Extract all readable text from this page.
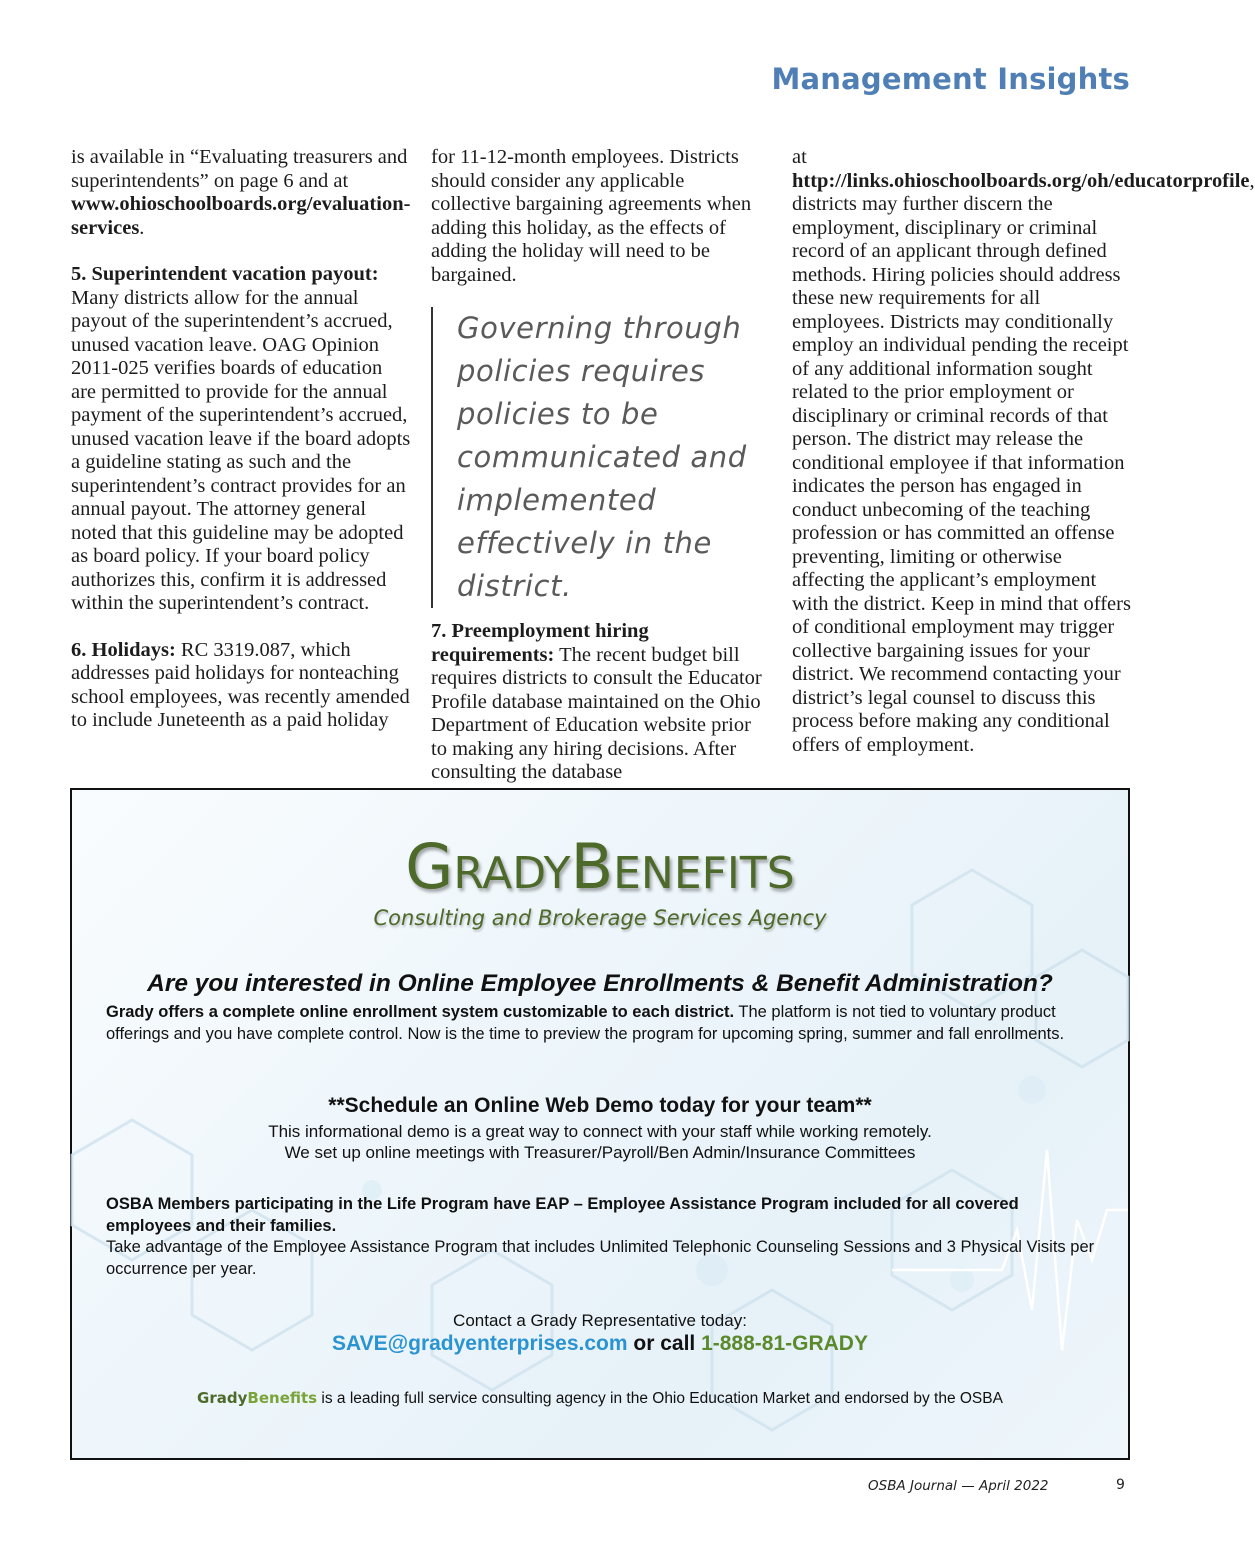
Management Insights

is available in “Evaluating treasurers and superintendents” on page 6 and at www.ohioschoolboards.org/evaluation-services.

5. Superintendent vacation payout:
Many districts allow for the annual payout of the superintendent’s accrued, unused vacation leave. OAG Opinion 2011-025 verifies boards of education are permitted to provide for the annual payment of the superintendent’s accrued, unused vacation leave if the board adopts a guideline stating as such and the superintendent’s contract provides for an annual payout. The attorney general noted that this guideline may be adopted as board policy. If your board policy authorizes this, confirm it is addressed within the superintendent’s contract.

6. Holidays: RC 3319.087, which addresses paid holidays for nonteaching school employees, was recently amended to include Juneteenth as a paid holiday

for 11-12-month employees. Districts should consider any applicable collective bargaining agreements when adding this holiday, as the effects of adding the holiday will need to be bargained.

Governing through policies requires policies to be communicated and implemented effectively in the district.

7. Preemployment hiring requirements: The recent budget bill requires districts to consult the Educator Profile database maintained on the Ohio Department of Education website prior to making any hiring decisions. After consulting the database

at http://links.ohioschoolboards.org/oh/educatorprofile, districts may further discern the employment, disciplinary or criminal record of an applicant through defined methods. Hiring policies should address these new requirements for all employees. Districts may conditionally employ an individual pending the receipt of any additional information sought related to the prior employment or disciplinary or criminal records of that person. The district may release the conditional employee if that information indicates the person has engaged in conduct unbecoming of the teaching profession or has committed an offense preventing, limiting or otherwise affecting the applicant’s employment with the district. Keep in mind that offers of conditional employment may trigger collective bargaining issues for your district. We recommend contacting your district’s legal counsel to discuss this process before making any conditional offers of employment.

GRADYBENEFITS
Consulting and Brokerage Services Agency
Are you interested in Online Employee Enrollments & Benefit Administration?
Grady offers a complete online enrollment system customizable to each district. The platform is not tied to voluntary product offerings and you have complete control. Now is the time to preview the program for upcoming spring, summer and fall enrollments.
**Schedule an Online Web Demo today for your team**
This informational demo is a great way to connect with your staff while working remotely.
We set up online meetings with Treasurer/Payroll/Ben Admin/Insurance Committees
OSBA Members participating in the Life Program have EAP – Employee Assistance Program included for all covered employees and their families.
Take advantage of the Employee Assistance Program that includes Unlimited Telephonic Counseling Sessions and 3 Physical Visits per occurrence per year.
Contact a Grady Representative today:
SAVE@gradyenterprises.com or call 1-888-81-GRADY
GradyBenefits is a leading full service consulting agency in the Ohio Education Market and endorsed by the OSBA
OSBA Journal — April 2022	9
